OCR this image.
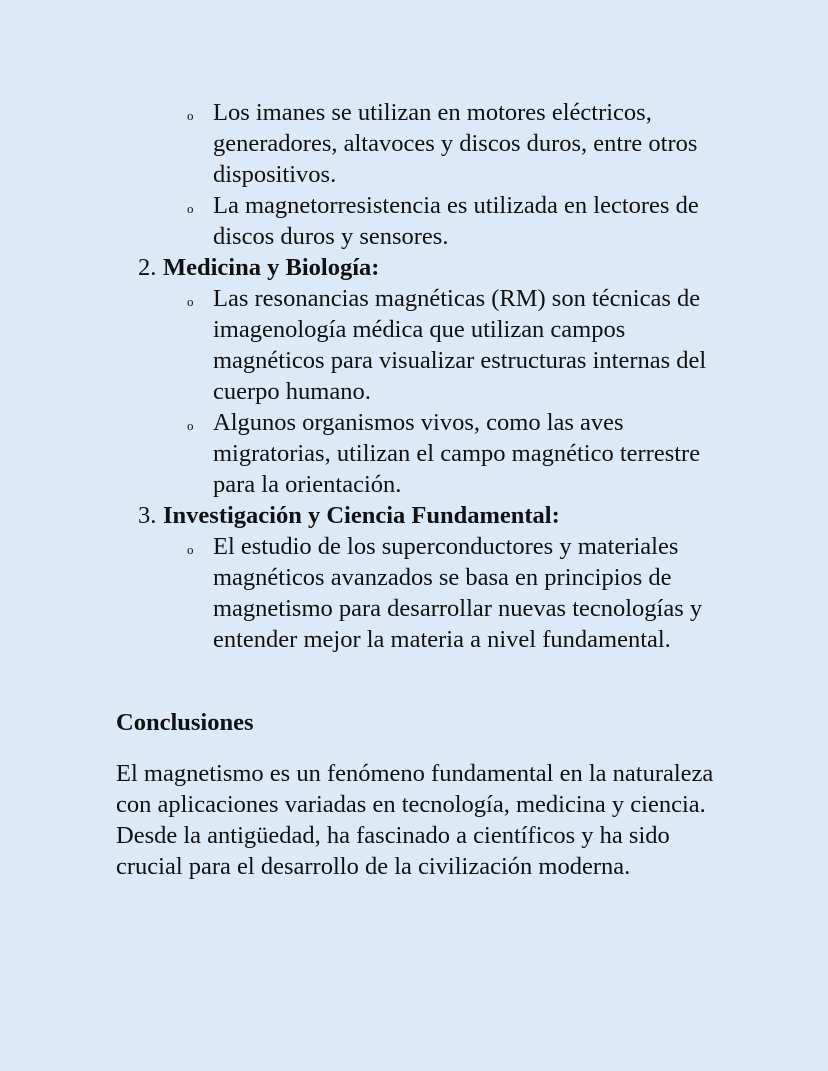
o Los imanes se utilizan en motores eléctricos, generadores, altavoces y discos duros, entre otros dispositivos.
o La magnetorresistencia es utilizada en lectores de discos duros y sensores.
2. Medicina y Biología:
o Las resonancias magnéticas (RM) son técnicas de imagenología médica que utilizan campos magnéticos para visualizar estructuras internas del cuerpo humano.
o Algunos organismos vivos, como las aves migratorias, utilizan el campo magnético terrestre para la orientación.
3. Investigación y Ciencia Fundamental:
o El estudio de los superconductores y materiales magnéticos avanzados se basa en principios de magnetismo para desarrollar nuevas tecnologías y entender mejor la materia a nivel fundamental.
Conclusiones
El magnetismo es un fenómeno fundamental en la naturaleza con aplicaciones variadas en tecnología, medicina y ciencia. Desde la antigüedad, ha fascinado a científicos y ha sido crucial para el desarrollo de la civilización moderna.
